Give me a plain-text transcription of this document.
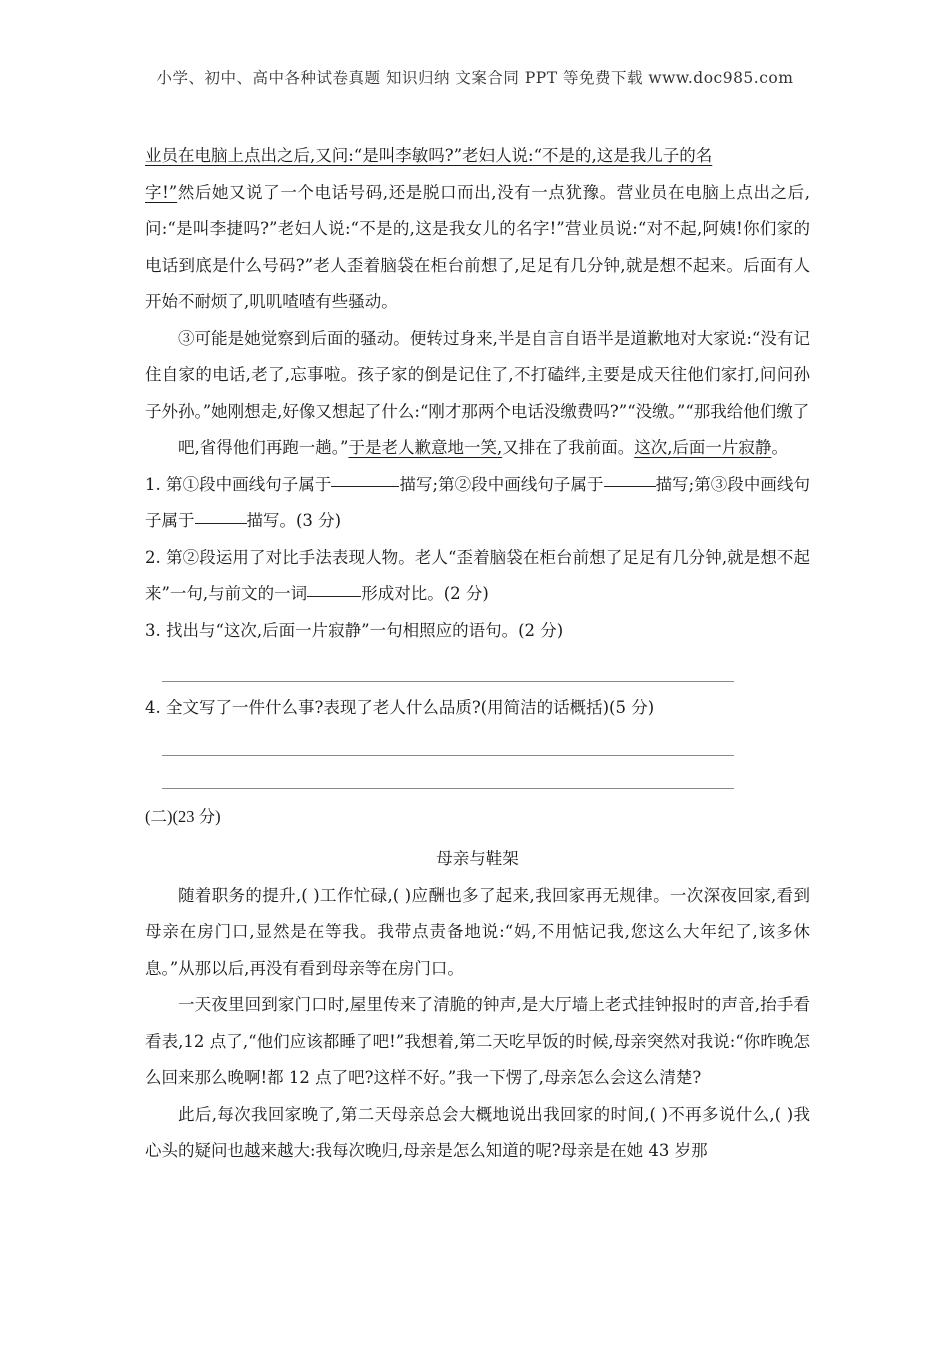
小学、初中、高中各种试卷真题 知识归纳 文案合同 PPT 等免费下载 www.doc985.com

业员在电脑上点出之后,又问:“是叫李敏吗?”老妇人说:“不是的,这是我儿子的名
字!”然后她又说了一个电话号码,还是脱口而出,没有一点犹豫。营业员在电脑上点出之后,问:“是叫李捷吗?”老妇人说:“不是的,这是我女儿的名字!”营业员说:“对不起,阿姨!你们家的电话到底是什么号码?”老人歪着脑袋在柜台前想了,足足有几分钟,就是想不起来。后面有人开始不耐烦了,叽叽喳喳有些骚动。

③可能是她觉察到后面的骚动。便转过身来,半是自言自语半是道歉地对大家说:“没有记住自家的电话,老了,忘事啦。孩子家的倒是记住了,不打磕绊,主要是成天往他们家打,问问孙子外孙。”她刚想走,好像又想起了什么:“刚才那两个电话没缴费吗?”“没缴。”“那我给他们缴了

吧,省得他们再跑一趟。”于是老人歉意地一笑,又排在了我前面。这次,后面一片寂静。

1. 第①段中画线句子属于	描写;第②段中画线句子属于	描写;第③段中画线句子属于	描写。(3 分)

2. 第②段运用了对比手法表现人物。老人“歪着脑袋在柜台前想了足足有几分钟,就是想不起来”一句,与前文的一词	形成对比。(2 分)

3. 找出与“这次,后面一片寂静”一句相照应的语句。(2 分)

4. 全文写了一件什么事?表现了老人什么品质?(用简洁的话概括)(5 分)

(二)(23 分)

母亲与鞋架

随着职务的提升,( )工作忙碌,( )应酬也多了起来,我回家再无规律。一次深夜回家,看到母亲在房门口,显然是在等我。我带点责备地说:“妈,不用惦记我,您这么大年纪了,该多休息。”从那以后,再没有看到母亲等在房门口。

一天夜里回到家门口时,屋里传来了清脆的钟声,是大厅墙上老式挂钟报时的声音,抬手看看表,12 点了,“他们应该都睡了吧!”我想着,第二天吃早饭的时候,母亲突然对我说:“你昨晚怎么回来那么晚啊!都 12 点了吧?这样不好。”我一下愣了,母亲怎么会这么清楚?

此后,每次我回家晚了,第二天母亲总会大概地说出我回家的时间,( )不再多说什么,( )我心头的疑问也越来越大:我每次晚归,母亲是怎么知道的呢?母亲是在她 43 岁那
